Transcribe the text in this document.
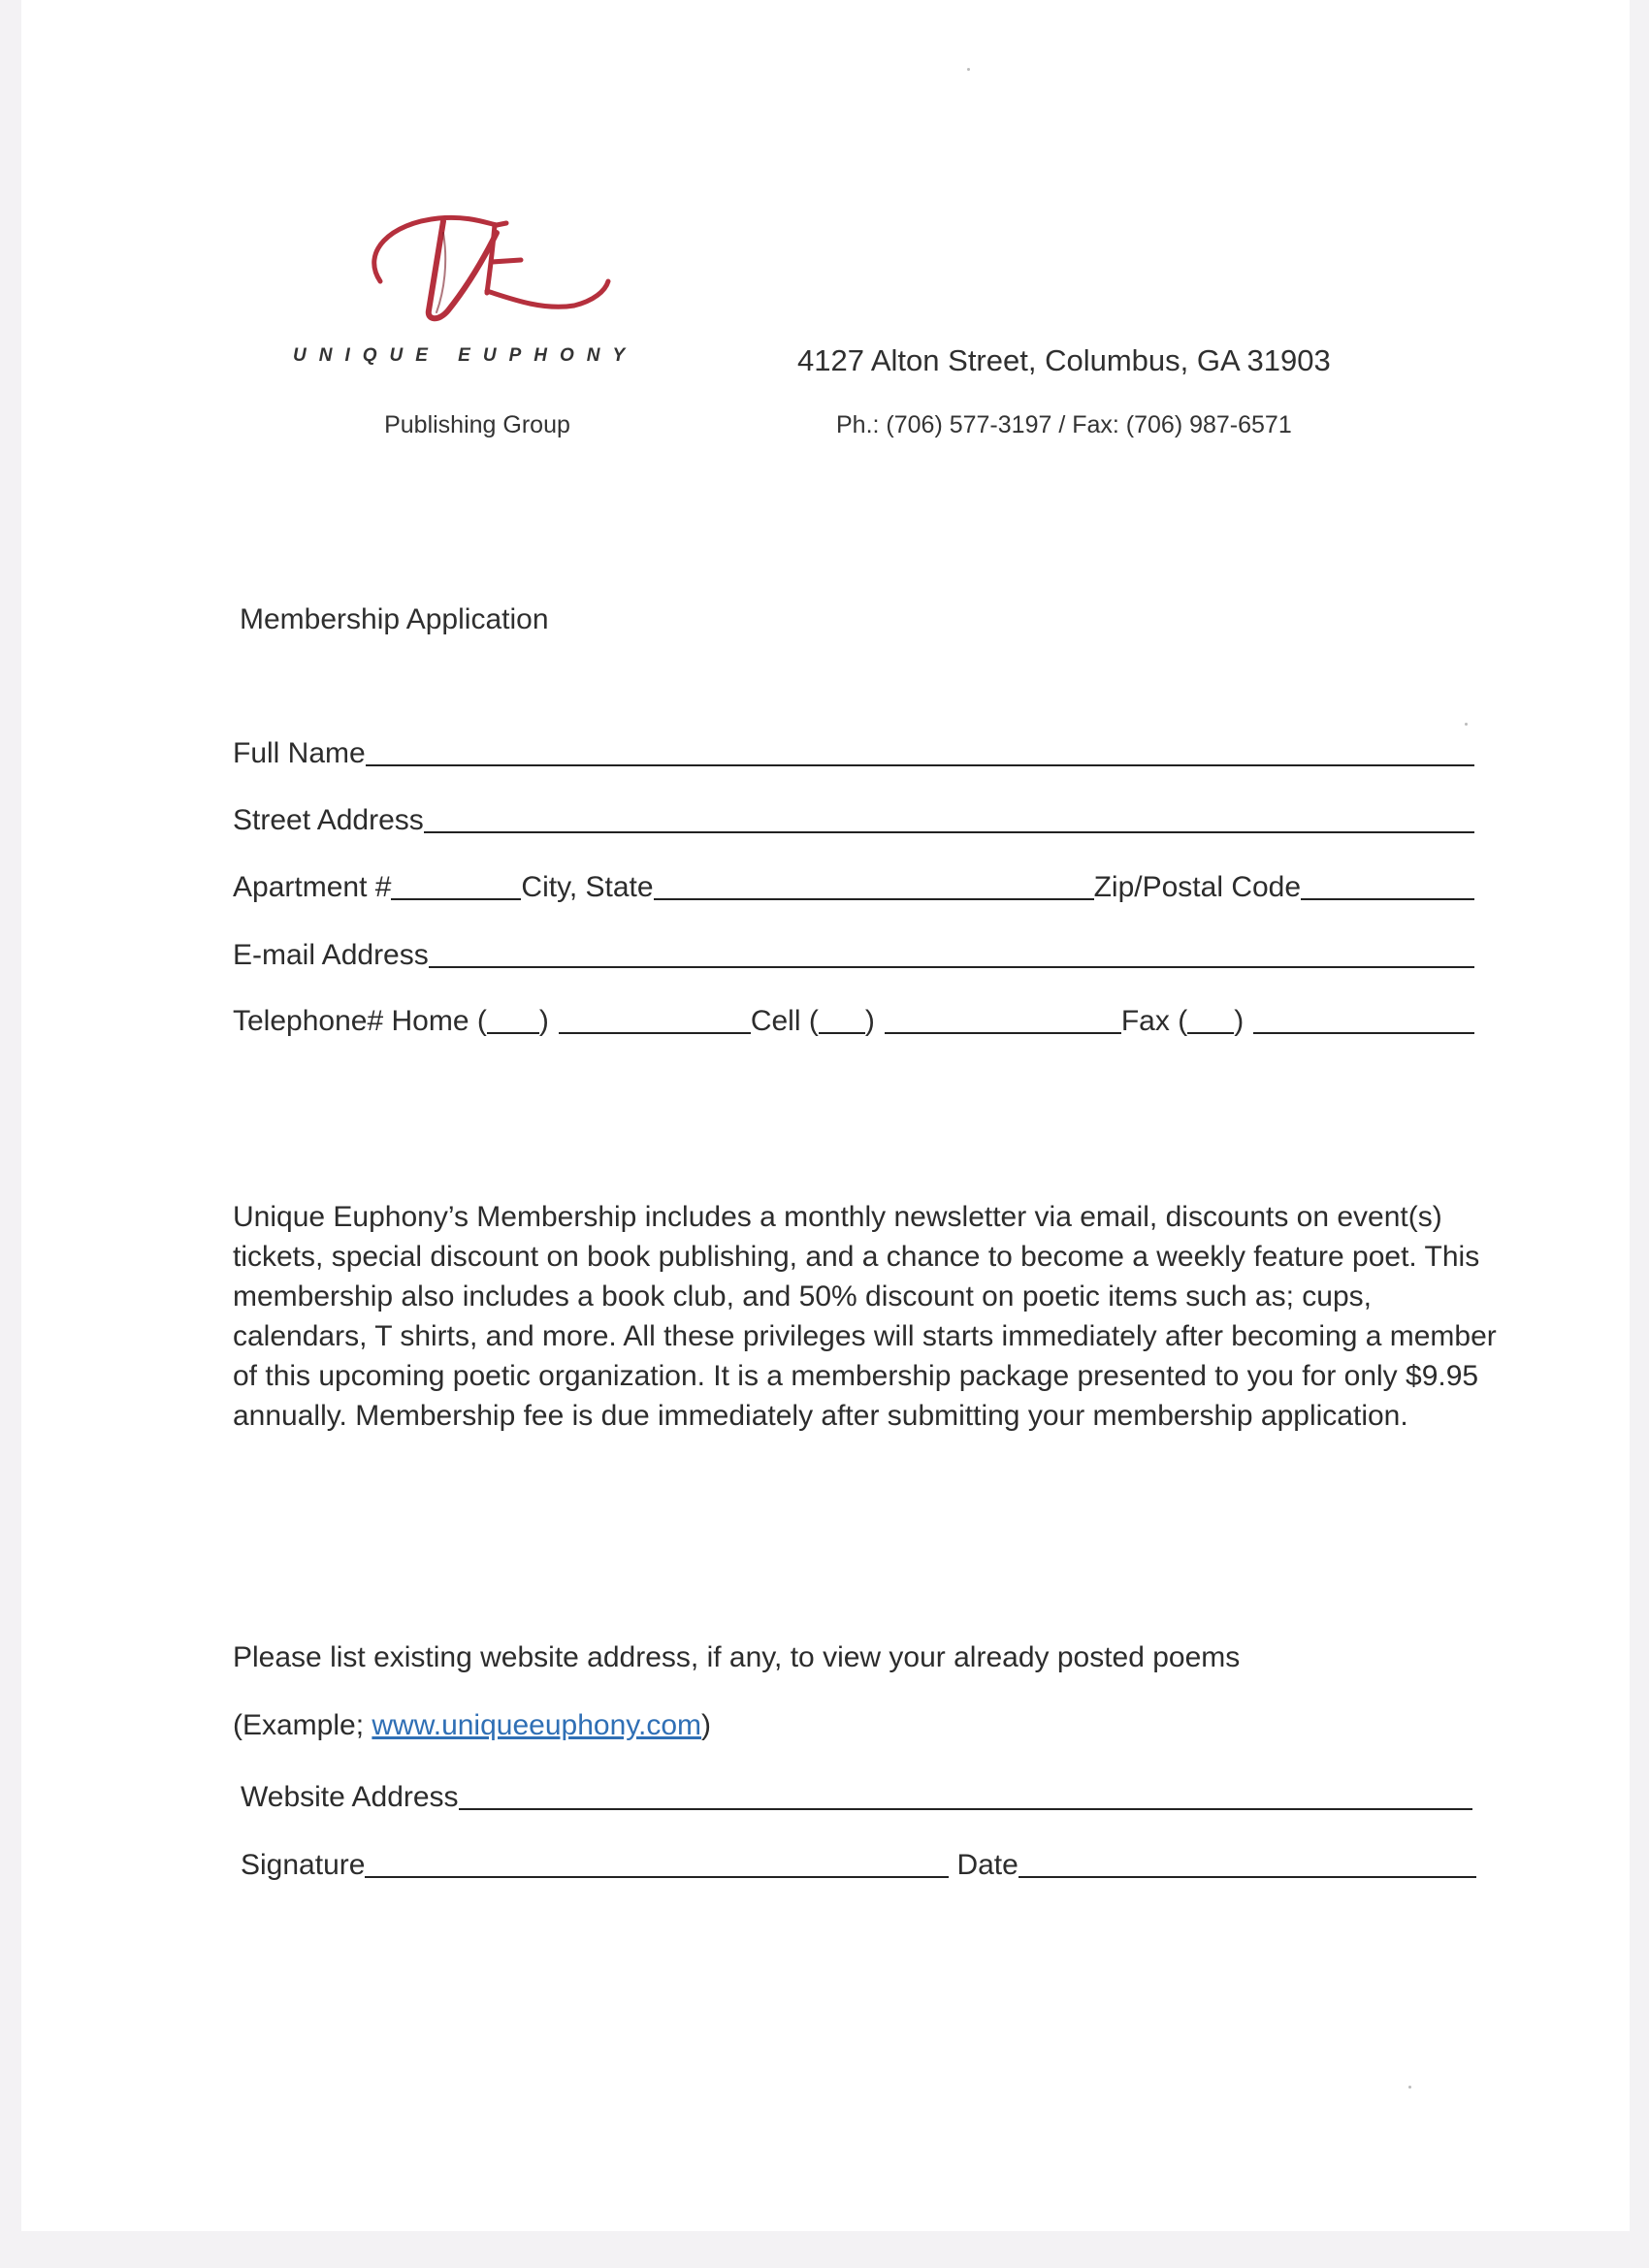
UNIQUE EUPHONY
Publishing Group
4127 Alton Street, Columbus, GA 31903
Ph.: (706) 577-3197 / Fax: (706) 987-6571
Membership Application
Full Name
Street Address
Apartment #	City, State	Zip/Postal Code
E-mail Address
Telephone# Home ( )	Cell ( )	Fax ( )
Unique Euphony’s Membership includes a monthly newsletter via email, discounts on event(s) tickets, special discount on book publishing, and a chance to become a weekly feature poet. This membership also includes a book club, and 50% discount on poetic items such as; cups, calendars, T shirts, and more. All these privileges will starts immediately after becoming a member of this upcoming poetic organization. It is a membership package presented to you for only $9.95 annually. Membership fee is due immediately after submitting your membership application.
Please list existing website address, if any, to view your already posted poems
(Example; www.uniqueeuphony.com)
Website Address
Signature	Date
